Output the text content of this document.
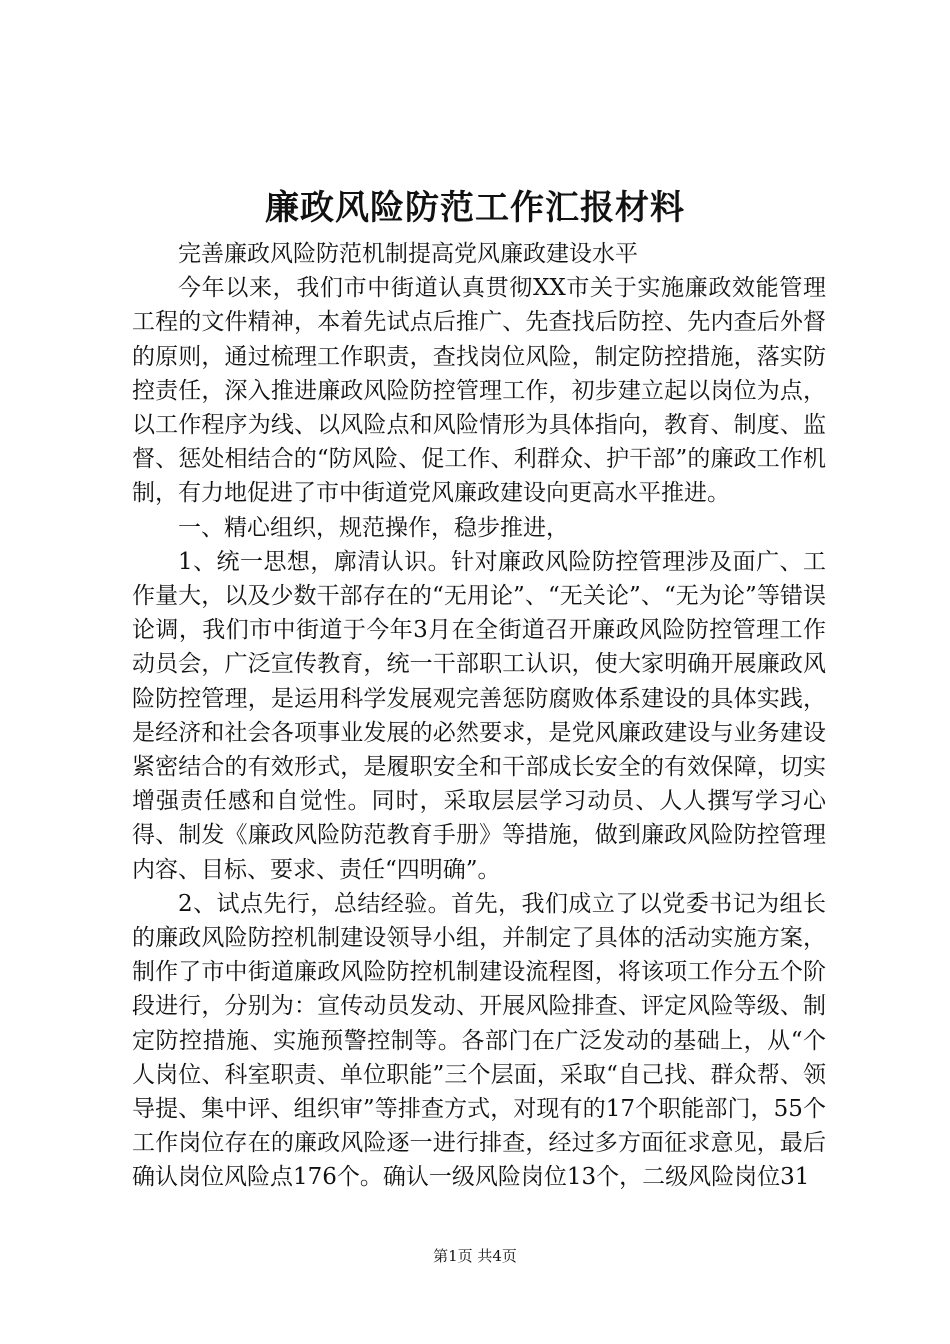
廉政风险防范工作汇报材料

完善廉政风险防范机制提高党风廉政建设水平

今年以来，我们市中街道认真贯彻XX市关于实施廉政效能管理工程的文件精神，本着先试点后推广、先查找后防控、先内查后外督的原则，通过梳理工作职责，查找岗位风险，制定防控措施，落实防控责任，深入推进廉政风险防控管理工作，初步建立起以岗位为点，以工作程序为线、以风险点和风险情形为具体指向，教育、制度、监督、惩处相结合的“防风险、促工作、利群众、护干部”的廉政工作机制，有力地促进了市中街道党风廉政建设向更高水平推进。

一、精心组织，规范操作，稳步推进，

1、统一思想，廓清认识。针对廉政风险防控管理涉及面广、工作量大，以及少数干部存在的“无用论”、“无关论”、“无为论”等错误论调，我们市中街道于今年3月在全街道召开廉政风险防控管理工作动员会，广泛宣传教育，统一干部职工认识，使大家明确开展廉政风险防控管理，是运用科学发展观完善惩防腐败体系建设的具体实践，是经济和社会各项事业发展的必然要求，是党风廉政建设与业务建设紧密结合的有效形式，是履职安全和干部成长安全的有效保障，切实增强责任感和自觉性。同时，采取层层学习动员、人人撰写学习心得、制发《廉政风险防范教育手册》等措施，做到廉政风险防控管理内容、目标、要求、责任“四明确”。

2、试点先行，总结经验。首先，我们成立了以党委书记为组长的廉政风险防控机制建设领导小组，并制定了具体的活动实施方案，制作了市中街道廉政风险防控机制建设流程图，将该项工作分五个阶段进行，分别为：宣传动员发动、开展风险排查、评定风险等级、制定防控措施、实施预警控制等。各部门在广泛发动的基础上，从“个人岗位、科室职责、单位职能”三个层面，采取“自己找、群众帮、领导提、集中评、组织审”等排查方式，对现有的17个职能部门，55个工作岗位存在的廉政风险逐一进行排查，经过多方面征求意见，最后确认岗位风险点176个。确认一级风险岗位13个，二级风险岗位31

第1页 共4页
